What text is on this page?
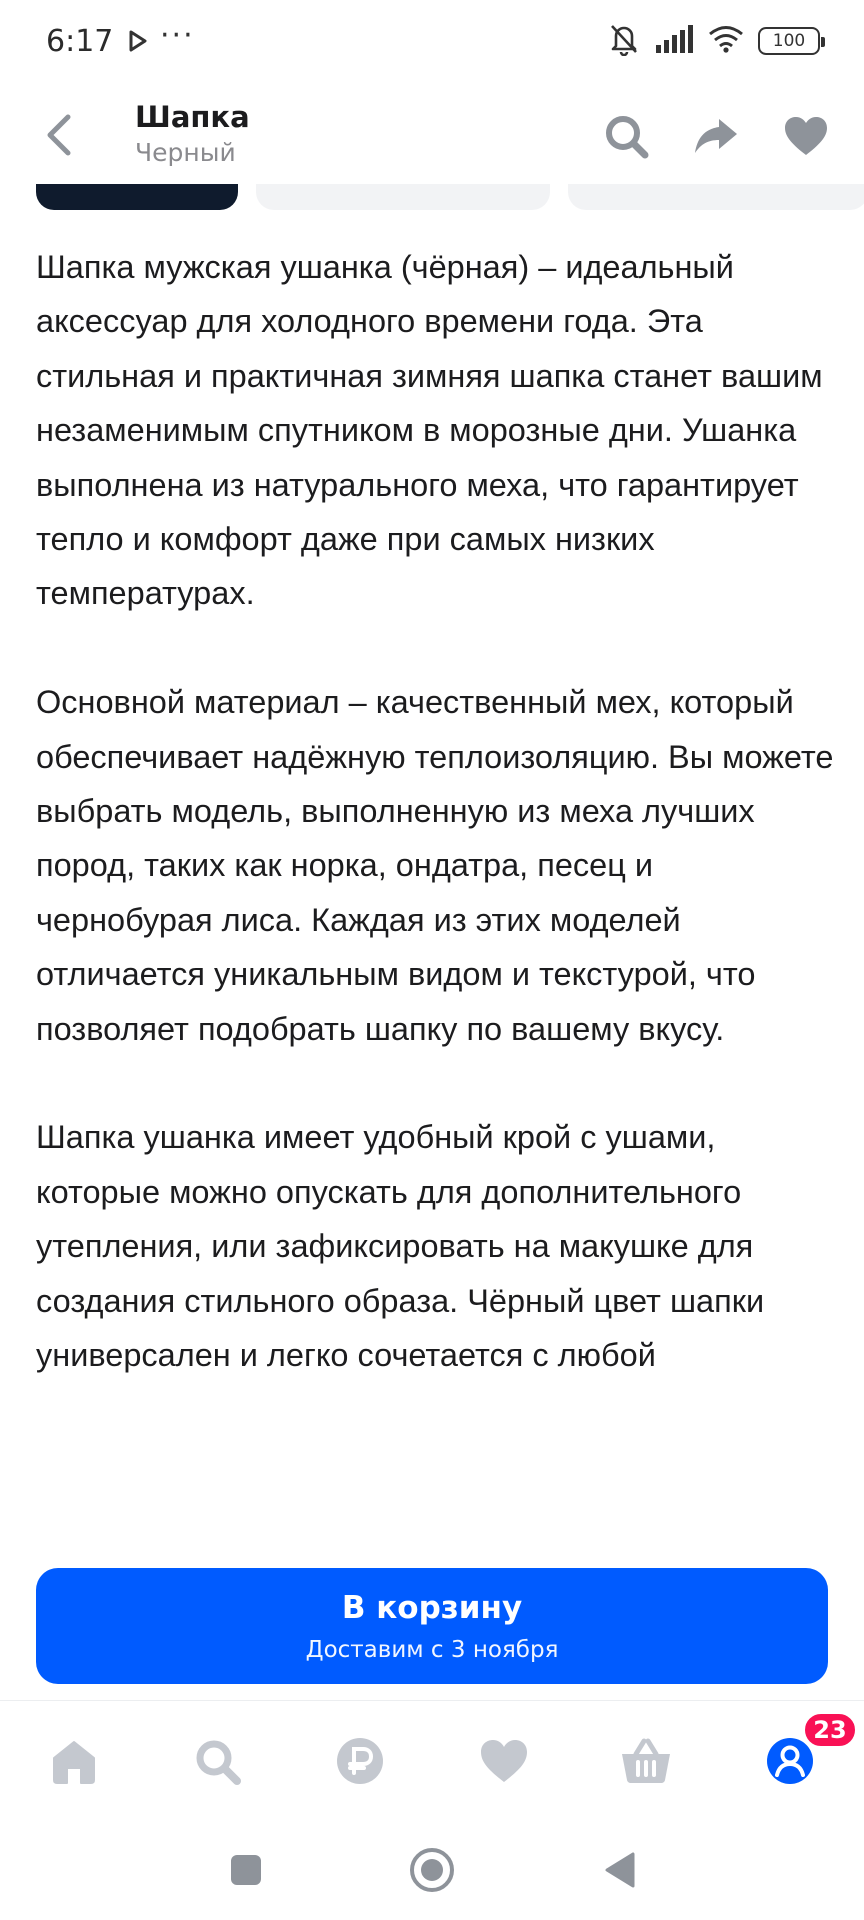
6:17 ···	100
Шапка
Черный

Шапка мужская ушанка (чёрная) – идеальный аксессуар для холодного времени года. Эта стильная и практичная зимняя шапка станет вашим незаменимым спутником в морозные дни. Ушанка выполнена из натурального меха, что гарантирует тепло и комфорт даже при самых низких температурах.

Основной материал – качественный мех, который обеспечивает надёжную теплоизоляцию. Вы можете выбрать модель, выполненную из меха лучших пород, таких как норка, ондатра, песец и чернобурая лиса. Каждая из этих моделей отличается уникальным видом и текстурой, что позволяет подобрать шапку по вашему вкусу.

Шапка ушанка имеет удобный крой с ушами, которые можно опускать для дополнительного утепления, или зафиксировать на макушке для создания стильного образа. Чёрный цвет шапки универсален и легко сочетается с любой

В корзину
Доставим с 3 ноября
23
